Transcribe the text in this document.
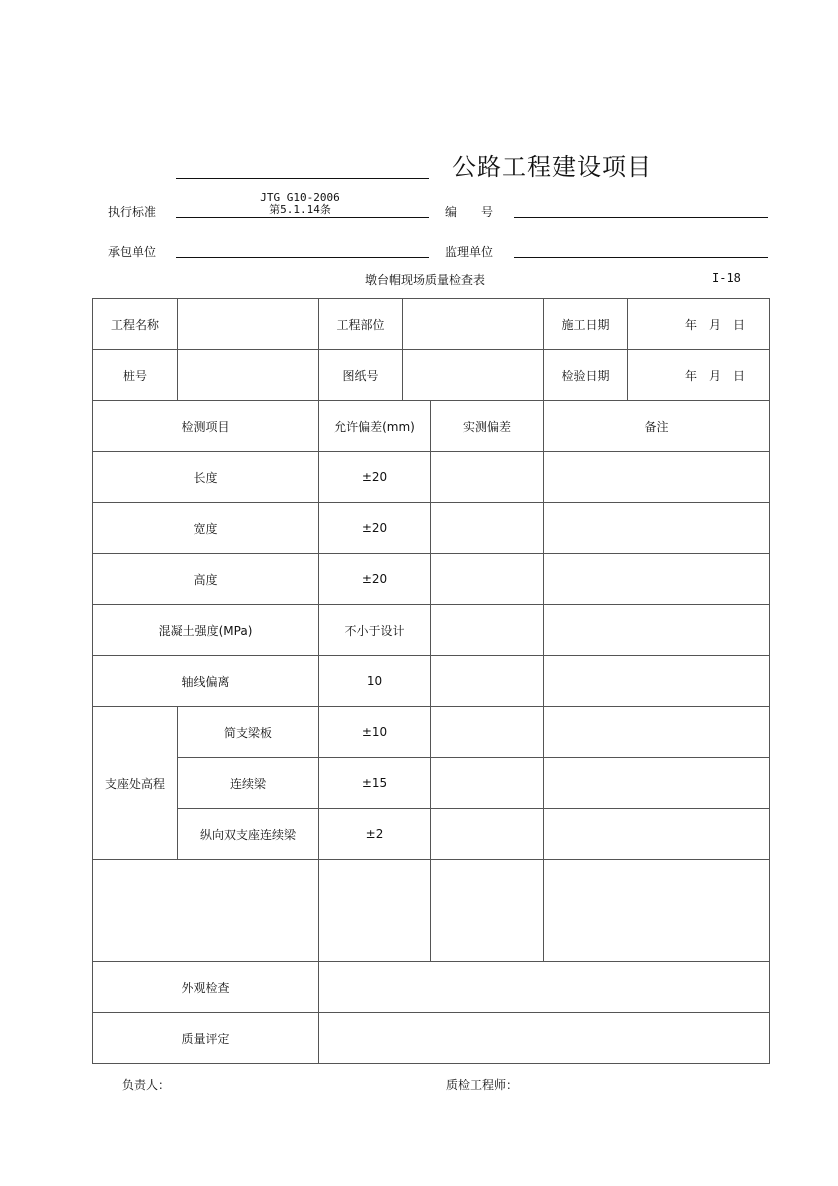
公路工程建设项目
执行标准
JTG G10-2006
第5.1.14条	编　　号
承包单位	监理单位
墩台帽现场质量检查表	I-18
工程名称		工程部位			施工日期	年　月　日
桩号		图纸号			检验日期	年　月　日
检测项目		允许偏差(mm)		实测偏差	备注	
长度		±20				
宽度		±20				
高度		±20				
混凝土强度(MPa)		不小于设计				
轴线偏离		10				
支座处高程	简支梁板	±10				
	连续梁	±15				
	纵向双支座连续梁	±2				

外观检查						
质量评定						
负责人：	质检工程师：
